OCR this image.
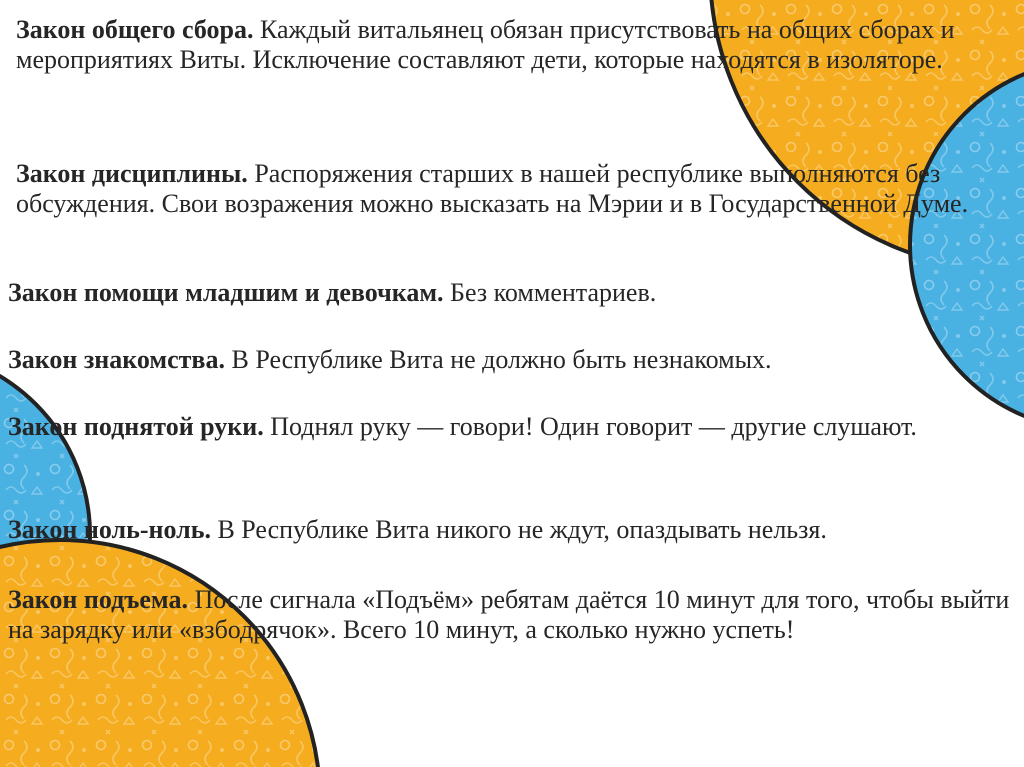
Закон общего сбора. Каждый витальянец обязан присутствовать на общих сборах и мероприятиях Виты. Исключение составляют дети, которые находятся в изоляторе.

Закон дисциплины. Распоряжения старших в нашей республике выполняются без обсуждения. Свои возражения можно высказать на Мэрии и в Государственной Думе.

Закон помощи младшим и девочкам. Без комментариев.

Закон знакомства. В Республике Вита не должно быть незнакомых.

Закон поднятой руки. Поднял руку — говори! Один говорит — другие слушают.

Закон ноль-ноль. В Республике Вита никого не ждут, опаздывать нельзя.

Закон подъема. После сигнала «Подъём» ребятам даётся 10 минут для того, чтобы выйти на зарядку или «взбодрячок». Всего 10 минут, а сколько нужно успеть!
